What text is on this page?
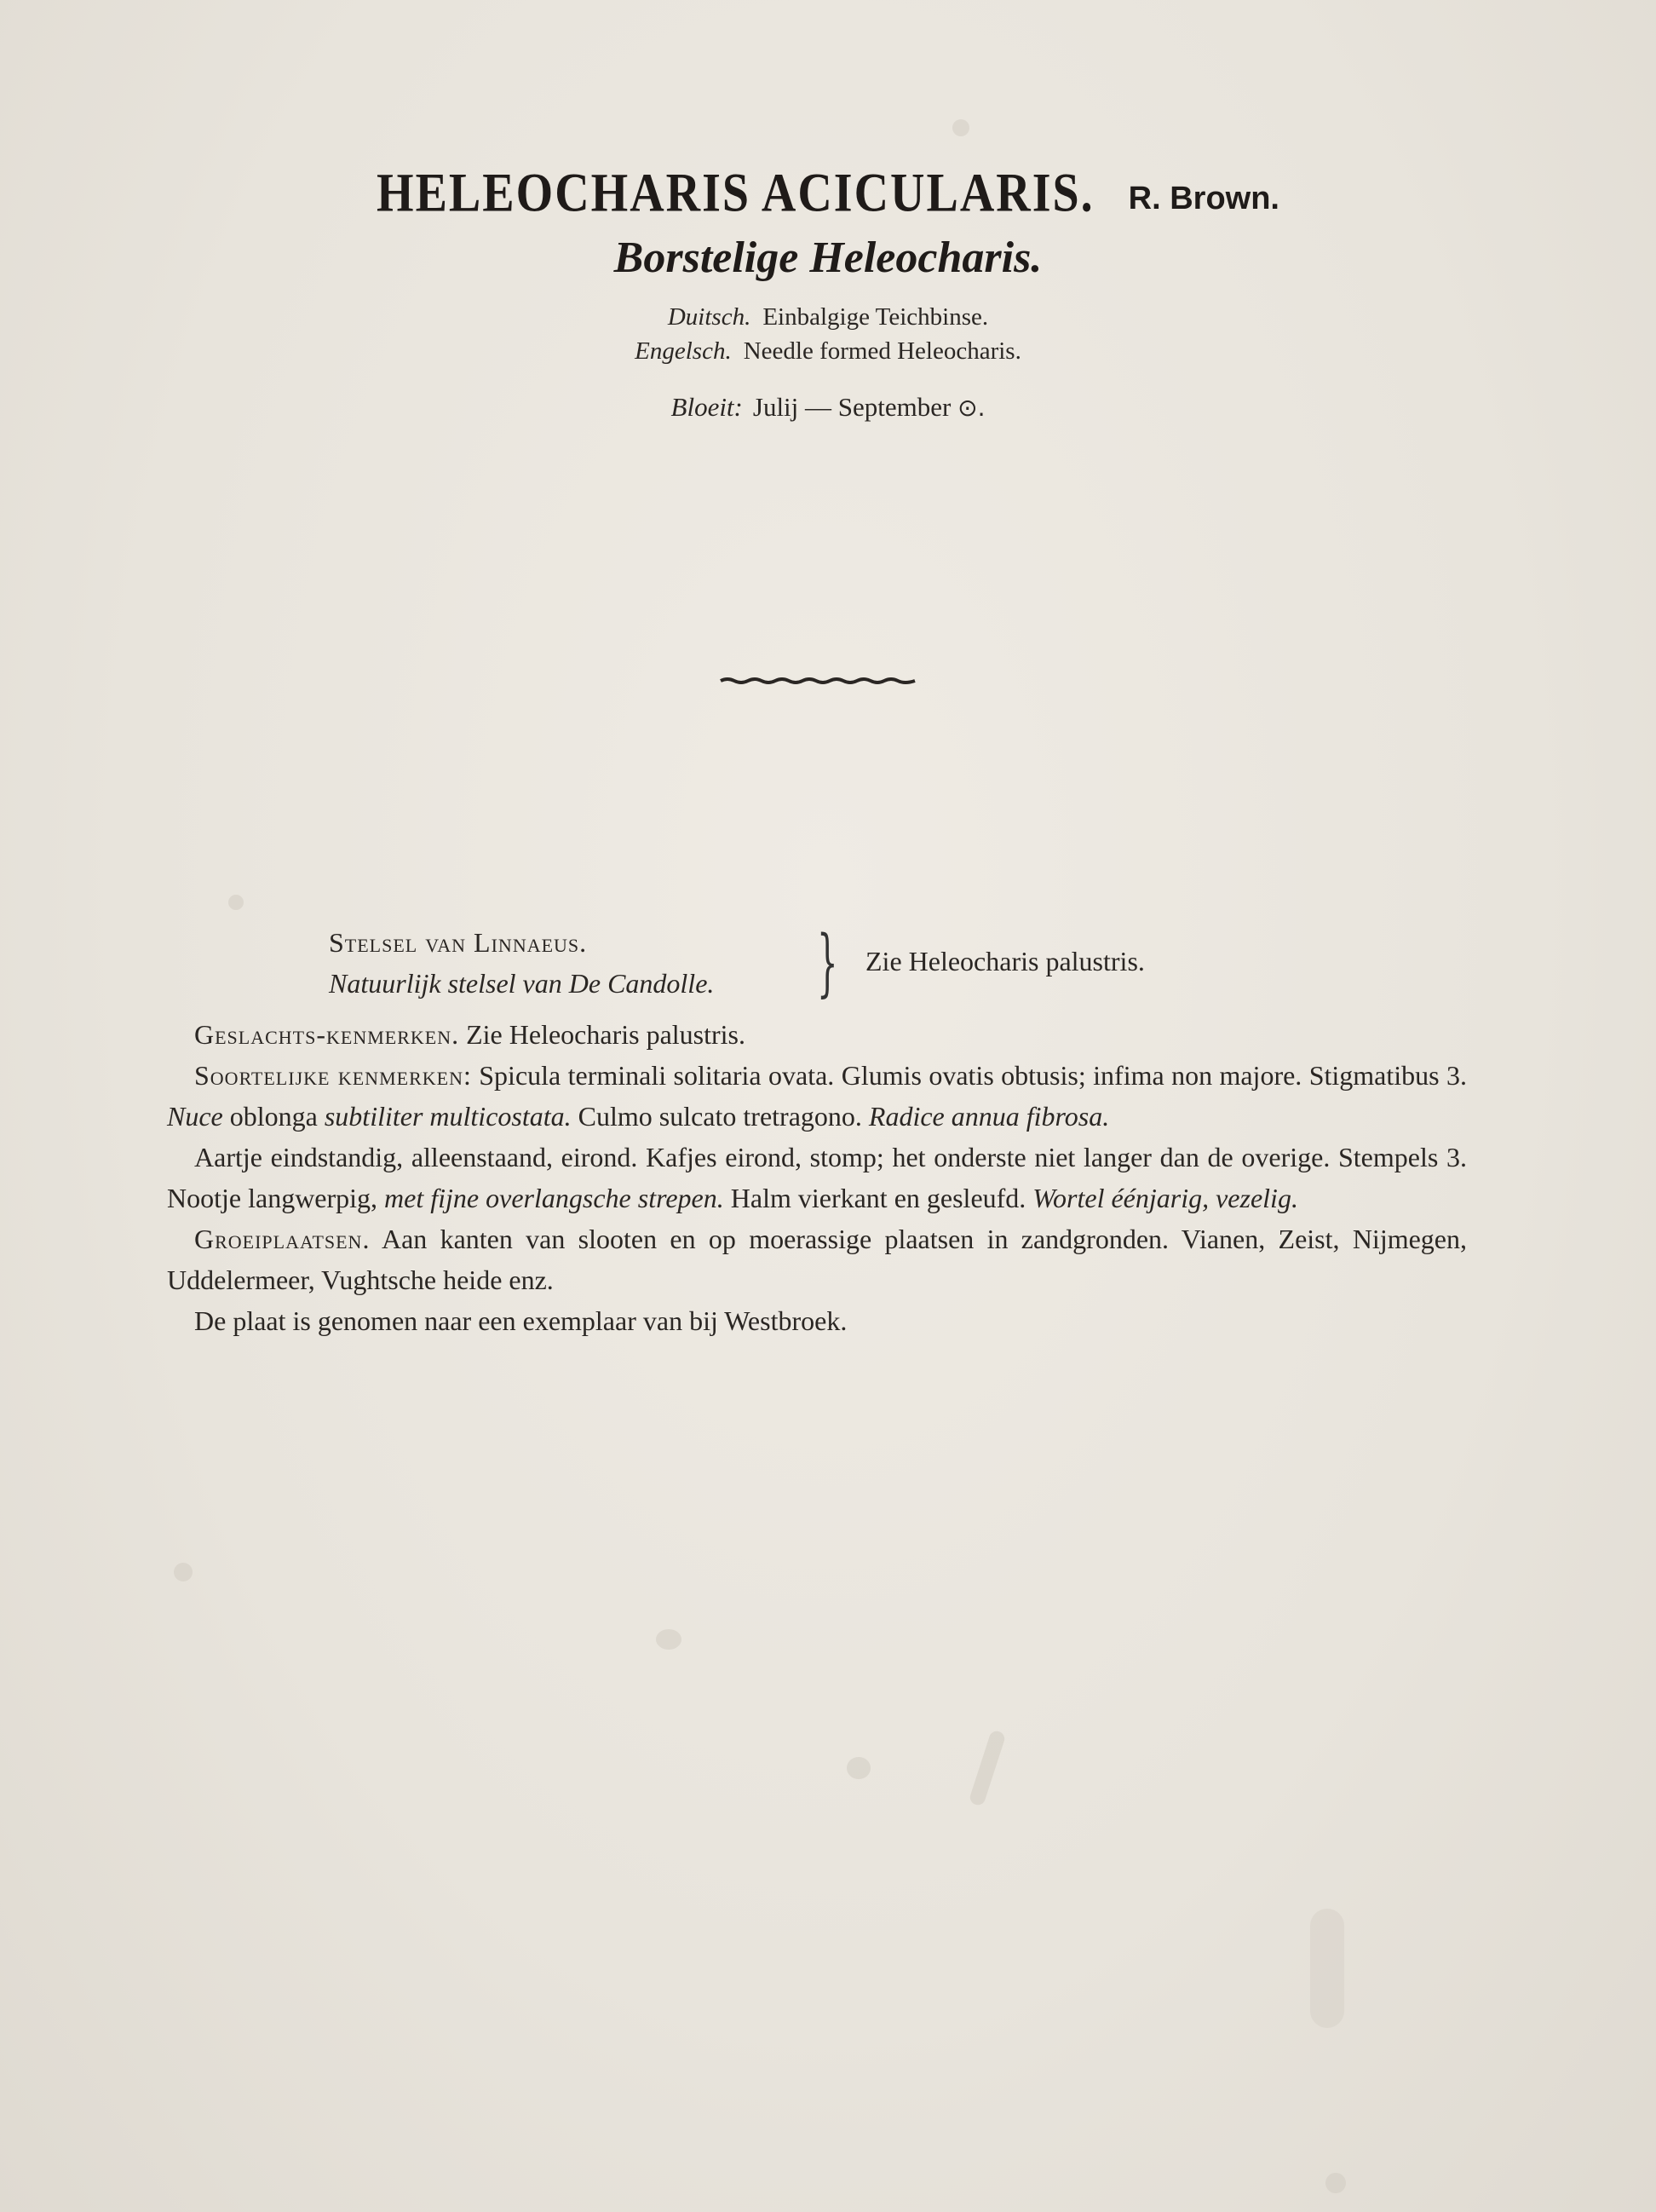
HELEOCHARIS ACICULARIS. R. Brown.
Borstelige Heleocharis.
Duitsch. Einbalgige Teichbinse.
Engelsch. Needle formed Heleocharis.
Bloeit: Julij — September ⊙.
Stelsel van Linnaeus.
Natuurlijk stelsel van De Candolle. } Zie Heleocharis palustris.

Geslachts-kenmerken. Zie Heleocharis palustris.

Soortelijke kenmerken: Spicula terminali solitaria ovata. Glumis ovatis obtusis; infima non majore. Stigmatibus 3. Nuce oblonga subtiliter multicostata. Culmo sulcato tretragono. Radice annua fibrosa.

Aartje eindstandig, alleenstaand, eirond. Kafjes eirond, stomp; het onderste niet langer dan de overige. Stempels 3. Nootje langwerpig, met fijne overlangsche strepen. Halm vierkant en gesleufd. Wortel éénjarig, vezelig.

Groeiplaatsen. Aan kanten van slooten en op moerassige plaatsen in zandgronden. Vianen, Zeist, Nijmegen, Uddelermeer, Vughtsche heide enz.

De plaat is genomen naar een exemplaar van bij Westbroek.
